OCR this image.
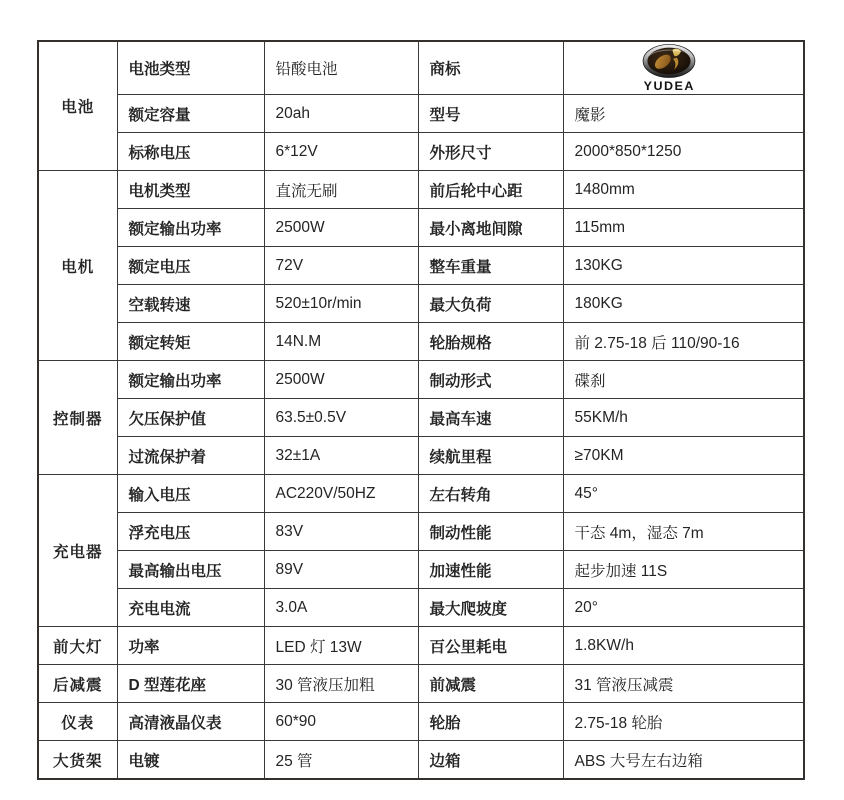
电池	电池类型	铅酸电池	商标	YUDEA

	额定容量	20ah	型号	魔影
	标称电压	6*12V	外形尺寸	2000*850*1250
电机	电机类型	直流无刷	前后轮中心距	1480mm
	额定输出功率	2500W	最小离地间隙	115mm
	额定电压	72V	整车重量	130KG
	空载转速	520±10r/min	最大负荷	180KG
	额定转矩	14N.M	轮胎规格	前 2.75-18 后 110/90-16
控制器	额定输出功率	2500W	制动形式	碟刹
	欠压保护值	63.5±0.5V	最高车速	55KM/h
	过流保护着	32±1A	续航里程	≥70KM
充电器	输入电压	AC220V/50HZ	左右转角	45°
	浮充电压	83V	制动性能	干态 4m，湿态 7m
	最高输出电压	89V	加速性能	起步加速 11S
	充电电流	3.0A	最大爬坡度	20°
前大灯	功率	LED 灯 13W	百公里耗电	1.8KW/h
后减震	D 型莲花座	30 管液压加粗	前减震	31 管液压减震
仪表	高清液晶仪表	60*90	轮胎	2.75-18 轮胎
大货架	电镀	25 管	边箱	ABS 大号左右边箱
